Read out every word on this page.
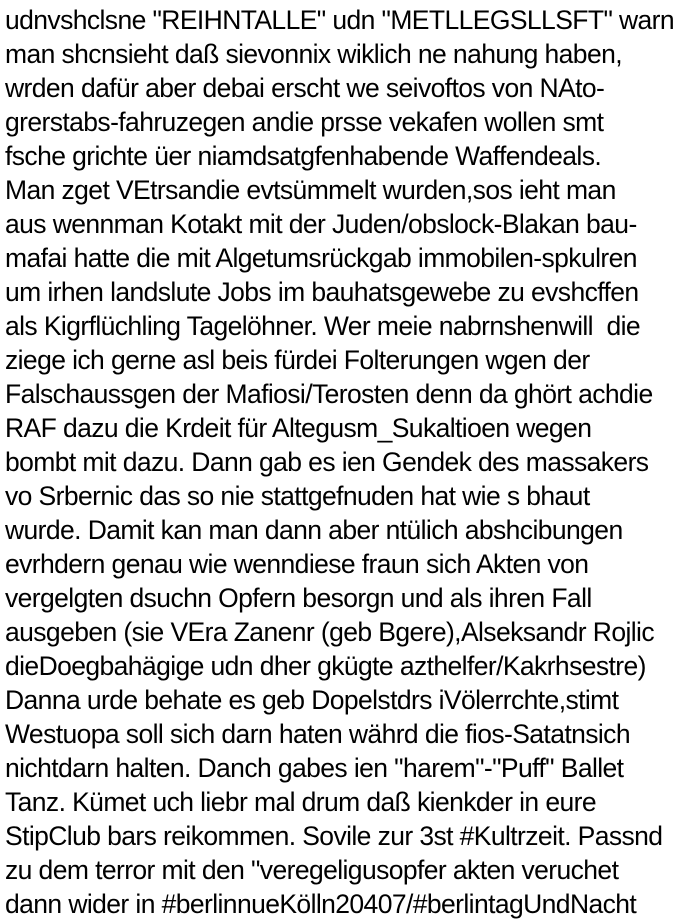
udnvshclsne "REIHNTALLE" udn "METLLEGSLLSFT" warn
man shcnsieht daß sievonnix wiklich ne nahung haben,
wrden dafür aber debai erscht we seivoftos von NAto-
grerstabs-fahruzegen andie prsse vekafen wollen smt
fsche grichte üer niamdsatgfenhabende Waffendeals.
Man zget VEtrsandie evtsümmelt wurden,sos ieht man
aus wennman Kotakt mit der Juden/obslock-Blakan bau-
mafai hatte die mit Algetumsrückgab immobilen-spkulren
um irhen landslute Jobs im bauhatsgewebe zu evshcffen
als Kigrflüchling Tagelöhner. Wer meie nabrnshenwill  die
ziege ich gerne asl beis fürdei Folterungen wgen der
Falschaussgen der Mafiosi/Terosten denn da ghört achdie
RAF dazu die Krdeit für Altegusm_Sukaltioen wegen
bombt mit dazu. Dann gab es ien Gendek des massakers
vo Srbernic das so nie stattgefnuden hat wie s bhaut
wurde. Damit kan man dann aber ntülich abshcibungen
evrhdern genau wie wenndiese fraun sich Akten von
vergelgten dsuchn Opfern besorgn und als ihren Fall
ausgeben (sie VEra Zanenr (geb Bgere),Alseksandr Rojlic
dieDoegbahägige udn dher gkügte azthelfer/Kakrhsestre)
Danna urde behate es geb Dopelstdrs iVölerrchte,stimt
Westuopa soll sich darn haten währd die fios-Satatnsich
nichtdarn halten. Danch gabes ien "harem"-"Puff" Ballet
Tanz. Kümet uch liebr mal drum daß kienkder in eure
StipClub bars reikommen. Sovile zur 3st #Kultrzeit. Passnd
zu dem terror mit den "veregeligusopfer akten veruchet
dann wider in #berlinnueKölln20407/#berlintagUndNacht
